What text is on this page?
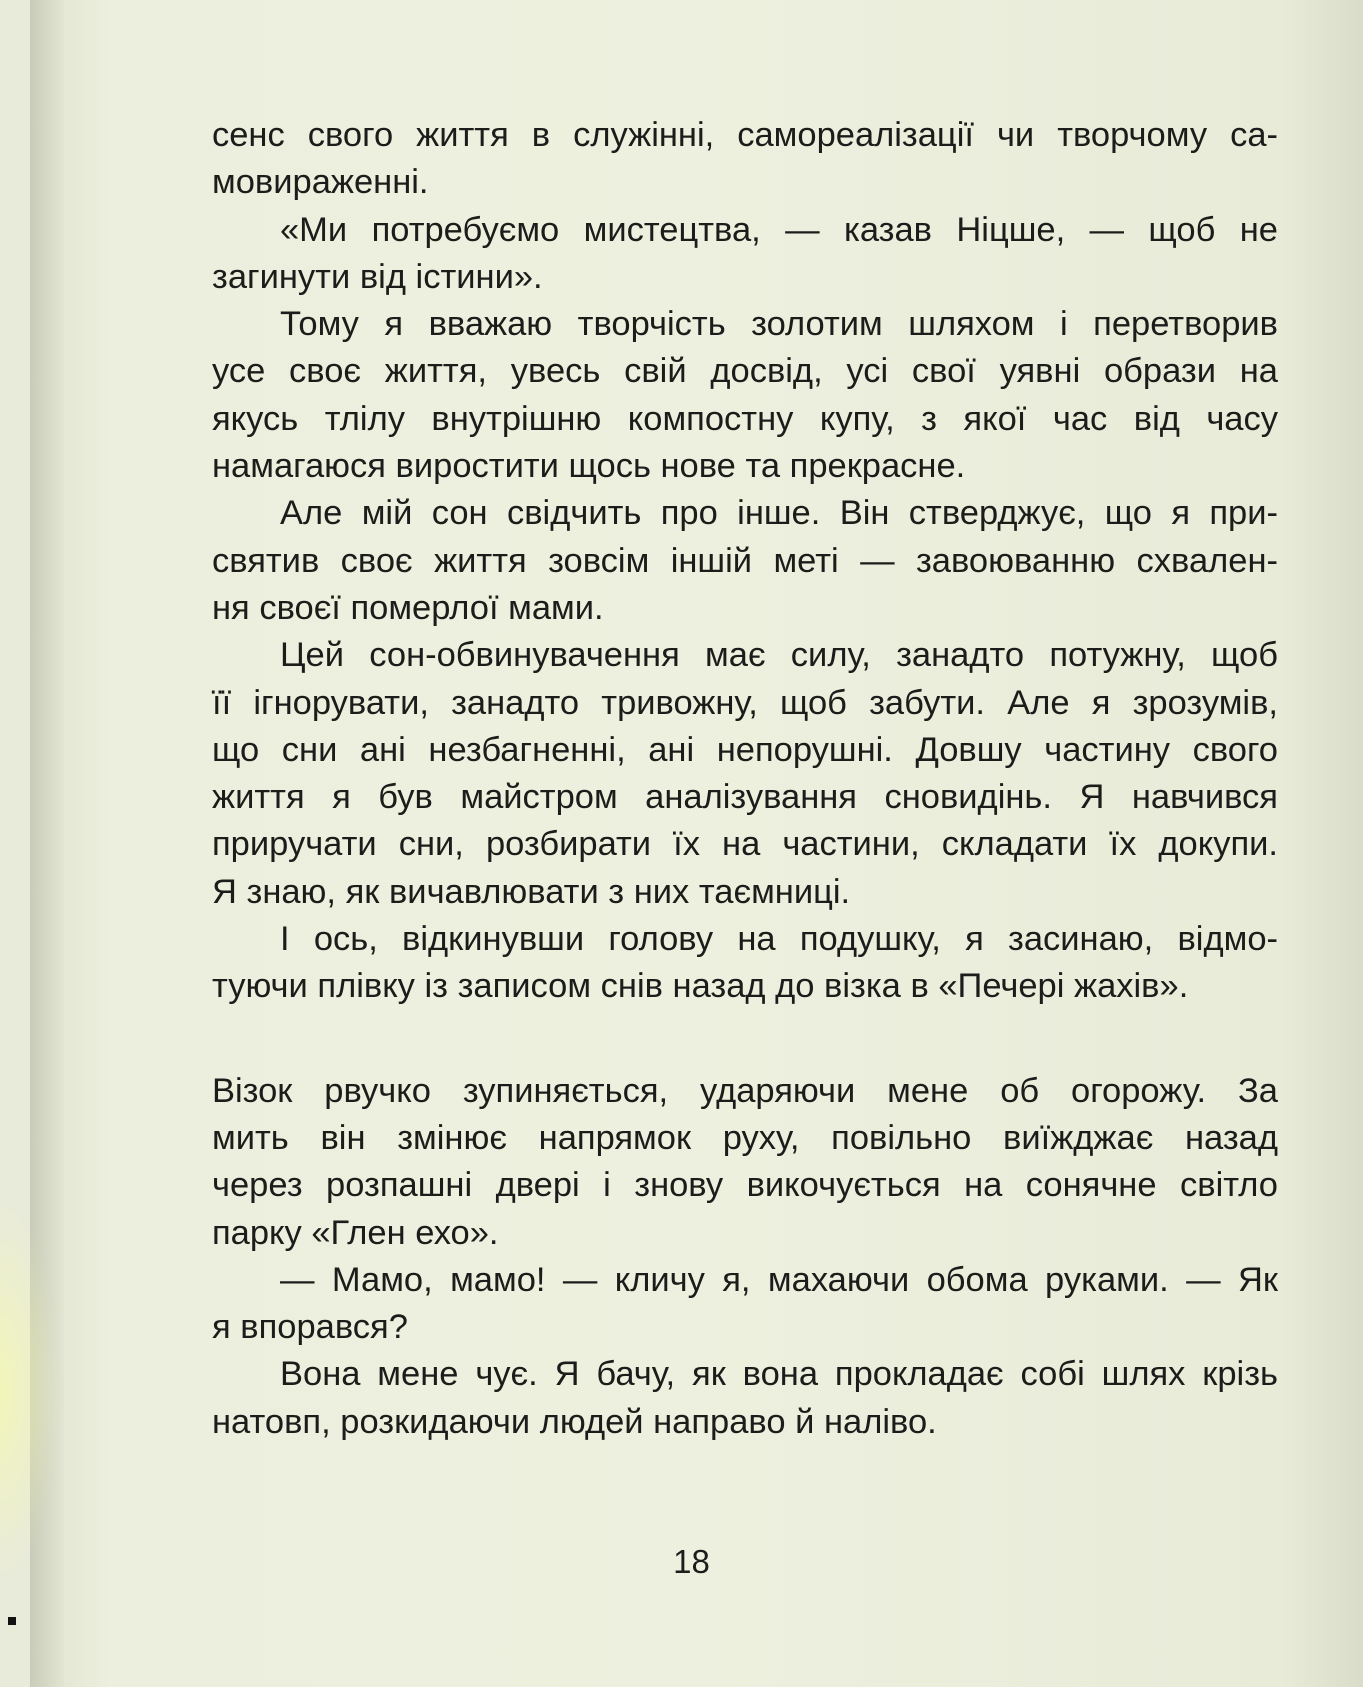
сенс свого життя в служінні, самореалізації чи творчому са-
мовираженні.
«Ми потребуємо мистецтва, — казав Ніцше, — щоб не
загинути від істини».
Тому я вважаю творчість золотим шляхом і перетворив
усе своє життя, увесь свій досвід, усі свої уявні образи на
якусь тлілу внутрішню компостну купу, з якої час від часу
намагаюся виростити щось нове та прекрасне.
Але мій сон свідчить про інше. Він стверджує, що я при-
святив своє життя зовсім іншій меті — завоюванню схвален-
ня своєї померлої мами.
Цей сон-обвинувачення має силу, занадто потужну, щоб
її ігнорувати, занадто тривожну, щоб забути. Але я зрозумів,
що сни ані незбагненні, ані непорушні. Довшу частину свого
життя я був майстром аналізування сновидінь. Я навчився
приручати сни, розбирати їх на частини, складати їх докупи.
Я знаю, як вичавлювати з них таємниці.
І ось, відкинувши голову на подушку, я засинаю, відмо-
туючи плівку із записом снів назад до візка в «Печері жахів».
Візок рвучко зупиняється, ударяючи мене об огорожу. За
мить він змінює напрямок руху, повільно виїжджає назад
через розпашні двері і знову викочується на сонячне світло
парку «Глен ехо».
— Мамо, мамо! — кличу я, махаючи обома руками. — Як
я впорався?
Вона мене чує. Я бачу, як вона прокладає собі шлях крізь
натовп, розкидаючи людей направо й наліво.
18
